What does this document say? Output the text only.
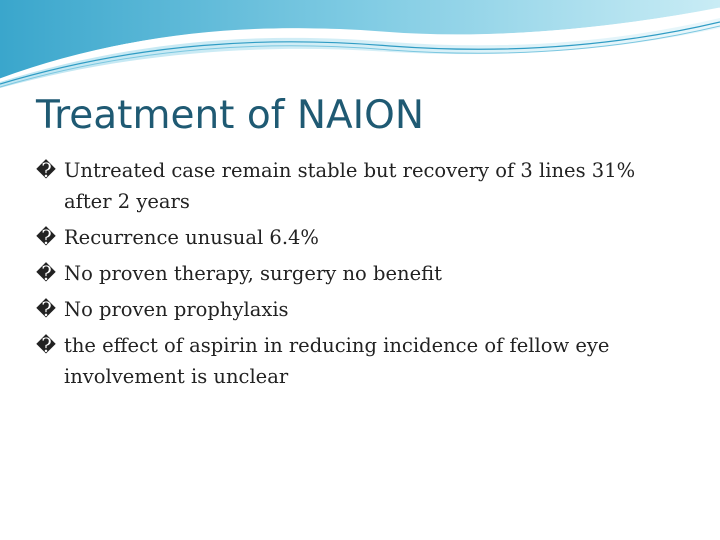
Treatment of NAION
� Untreated case remain stable but recovery of 3 lines 31% after 2 years
� Recurrence unusual 6.4%
� No proven therapy, surgery no benefit
� No proven prophylaxis
� the effect of aspirin in reducing incidence of fellow eye involvement is unclear
